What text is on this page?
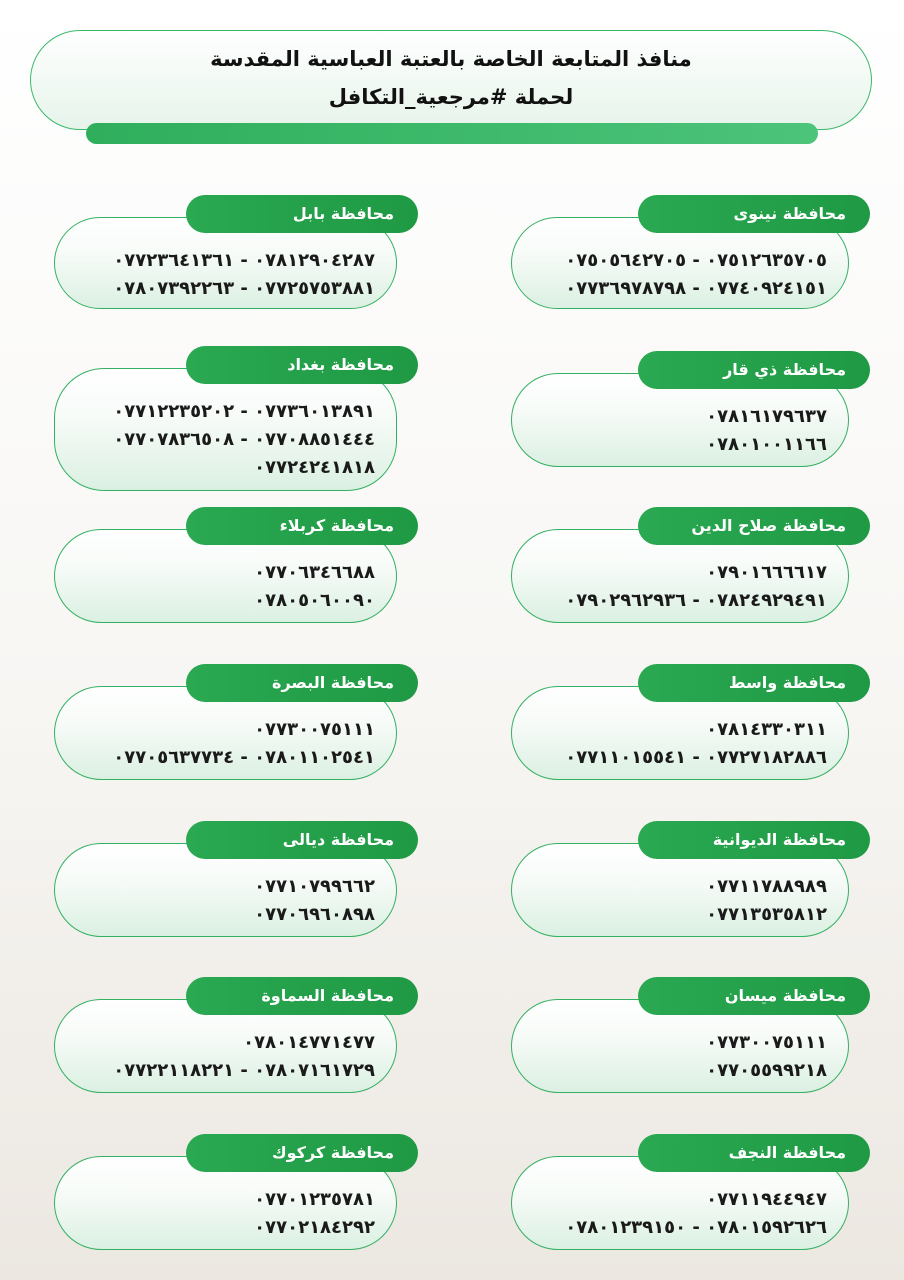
منافذ المتابعة الخاصة بالعتبة العباسية المقدسة
لحملة #مرجعية_التكافل
محافظة نينوى
٠٧٥١٢٦٣٥٧٠٥ - ٠٧٥٠٥٦٤٢٧٠٥
٠٧٧٤٠٩٢٤١٥١ - ٠٧٧٣٦٩٧٨٧٩٨
محافظة بابل
٠٧٨١٢٩٠٤٢٨٧ - ٠٧٧٢٣٦٤١٣٦١
٠٧٧٢٥٧٥٣٨٨١ - ٠٧٨٠٧٣٩٢٢٦٣
محافظة ذي قار
٠٧٨١٦١٧٩٦٣٧
٠٧٨٠١٠٠١١٦٦
محافظة بغداد
٠٧٧٣٦٠١٣٨٩١ - ٠٧٧١٢٢٣٥٢٠٢
٠٧٧٠٨٨٥١٤٤٤ - ٠٧٧٠٧٨٣٦٥٠٨
٠٧٧٢٤٢٤١٨١٨
محافظة صلاح الدين
٠٧٩٠١٦٦٦٦١٧
٠٧٨٢٤٩٢٩٤٩١ - ٠٧٩٠٢٩٦٢٩٣٦
محافظة كربلاء
٠٧٧٠٦٣٤٦٦٨٨
٠٧٨٠٥٠٦٠٠٩٠
محافظة واسط
٠٧٨١٤٣٣٠٣١١
٠٧٧٢٧١٨٢٨٨٦ - ٠٧٧١١٠١٥٥٤١
محافظة البصرة
٠٧٧٣٠٠٧٥١١١
٠٧٨٠١١٠٢٥٤١ - ٠٧٧٠٥٦٣٧٧٣٤
محافظة الديوانية
٠٧٧١١٧٨٨٩٨٩
٠٧٧١٣٥٣٥٨١٢
محافظة ديالى
٠٧٧١٠٧٩٩٦٦٢
٠٧٧٠٦٩٦٠٨٩٨
محافظة ميسان
٠٧٧٣٠٠٧٥١١١
٠٧٧٠٥٥٩٩٢١٨
محافظة السماوة
٠٧٨٠١٤٧٧١٤٧٧
٠٧٨٠٧١٦١٧٢٩ - ٠٧٧٢٢١١٨٢٢١
محافظة النجف
٠٧٧١١٩٤٤٩٤٧
٠٧٨٠١٥٩٢٦٢٦ - ٠٧٨٠١٢٣٩١٥٠
محافظة كركوك
٠٧٧٠١٢٣٥٧٨١
٠٧٧٠٢١٨٤٢٩٢
